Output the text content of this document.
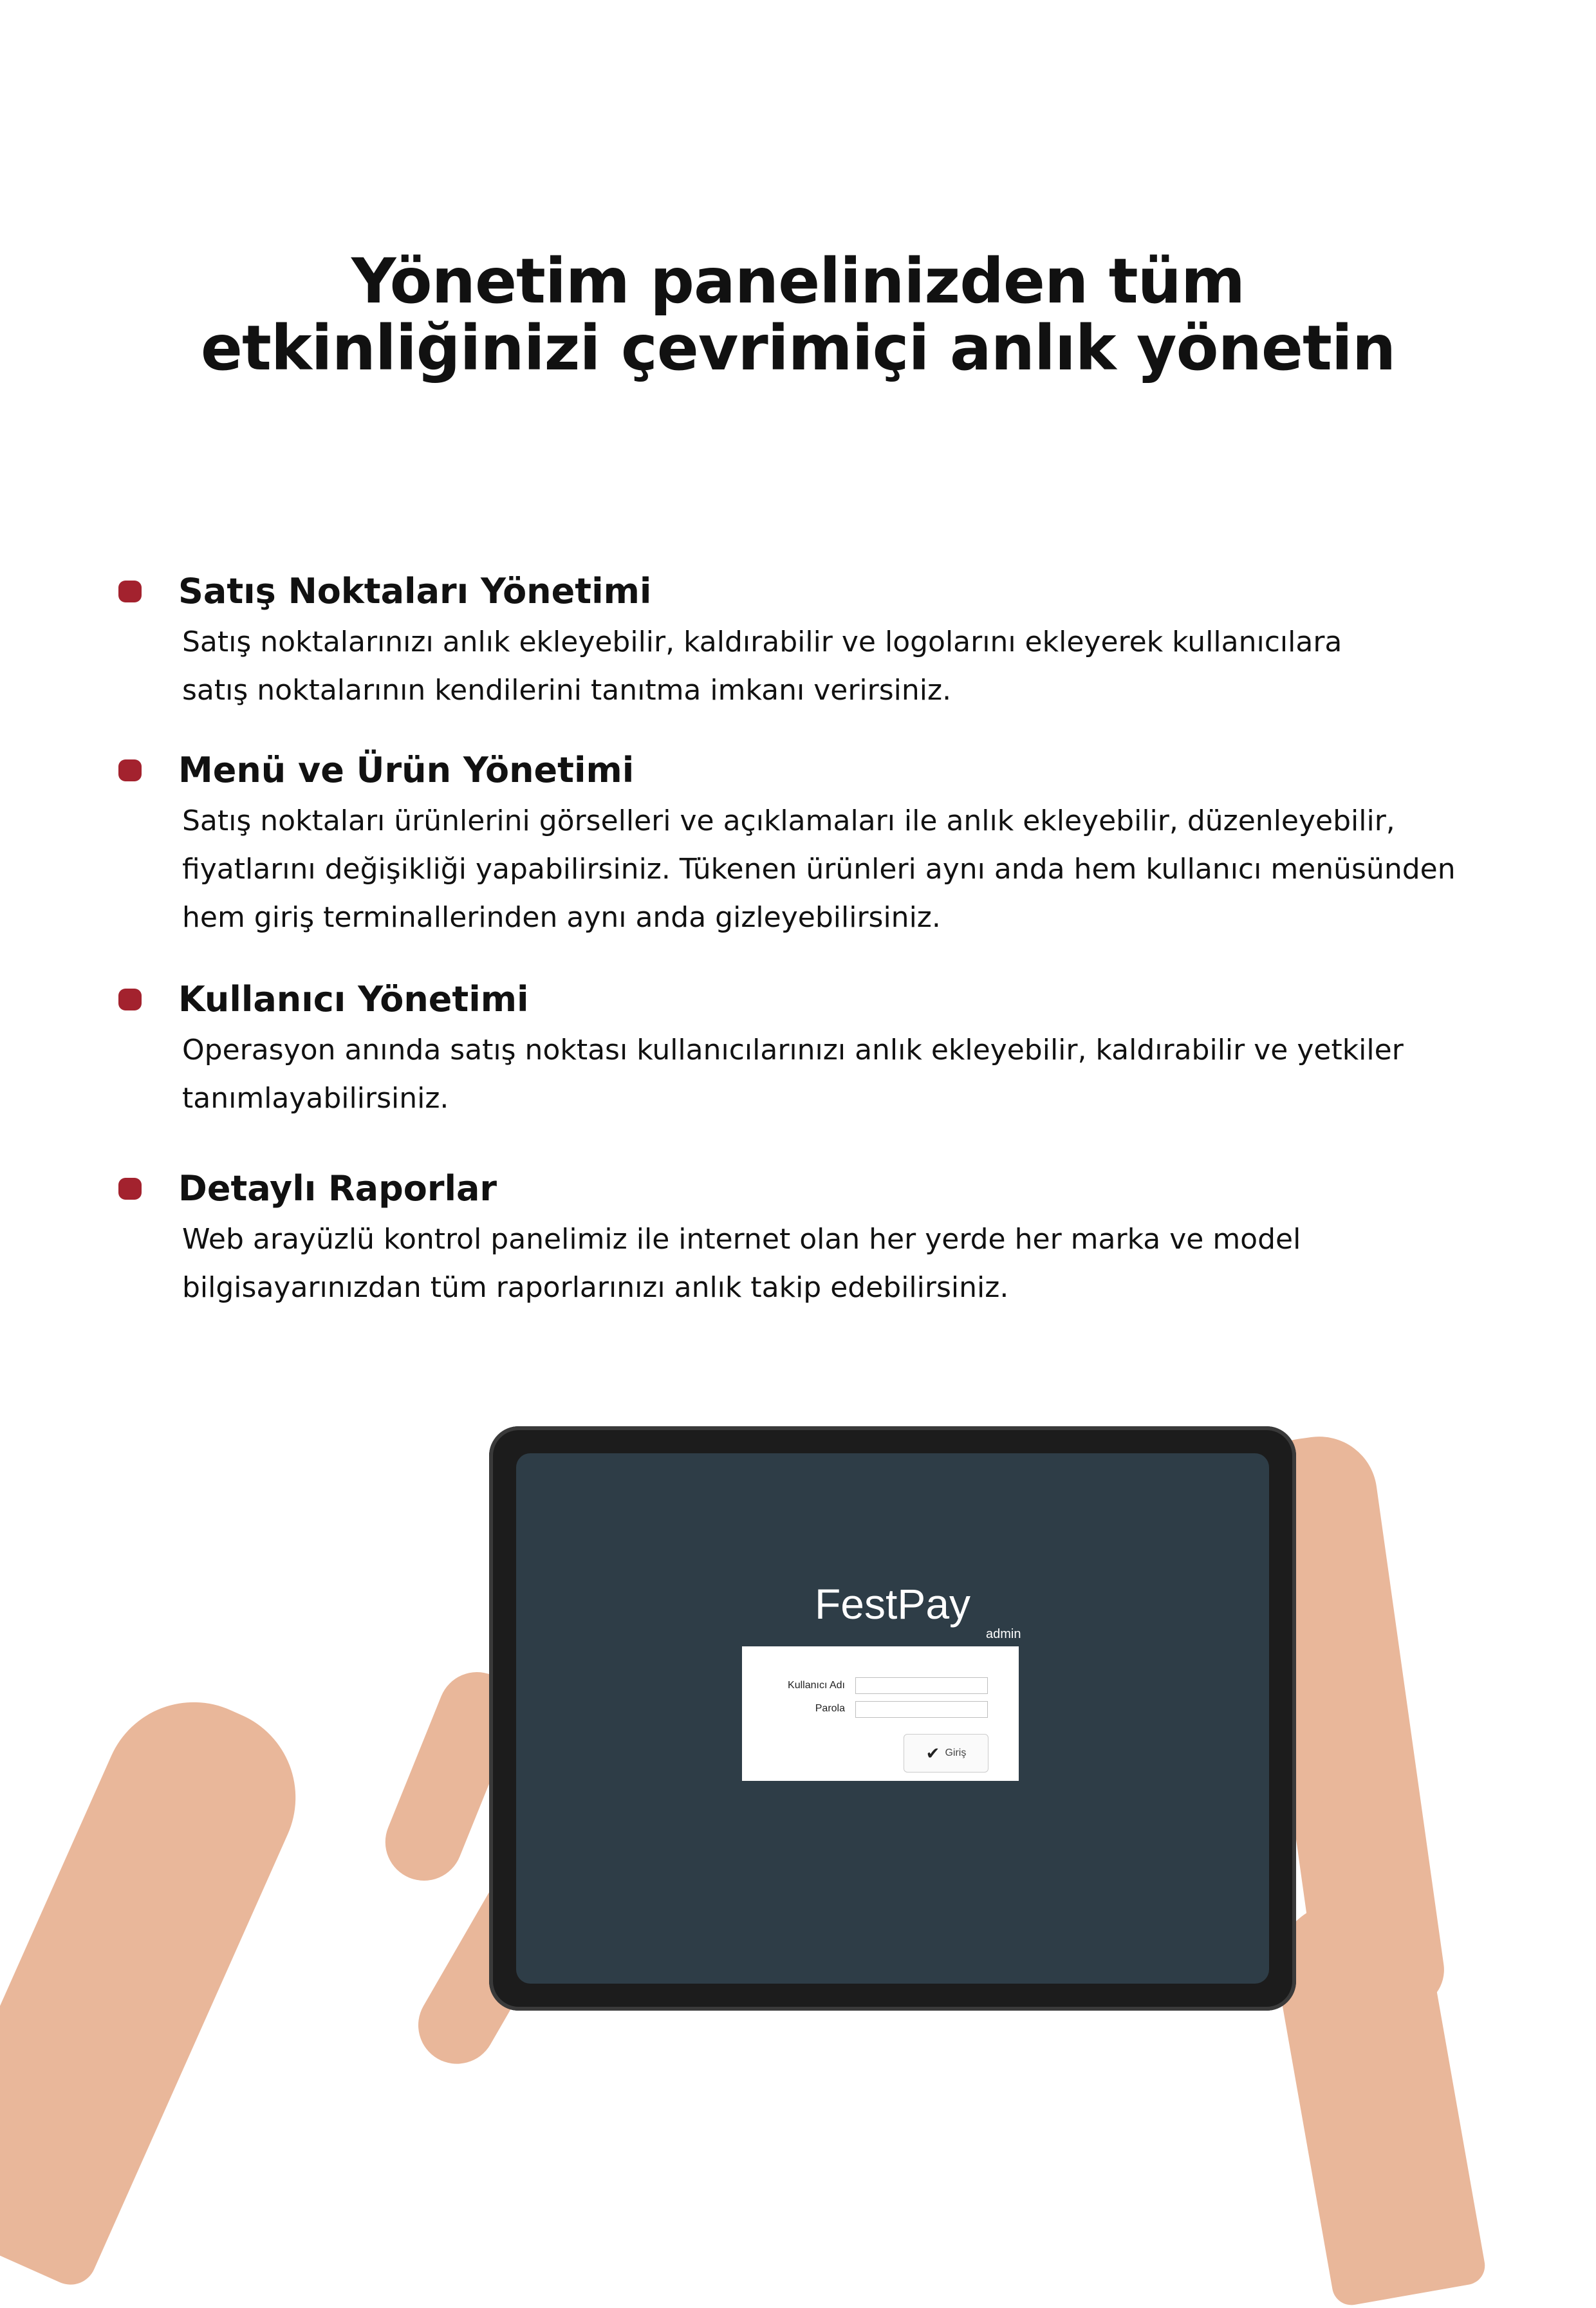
Yönetim panelinizden tüm
etkinliğinizi çevrimiçi anlık yönetin
Satış Noktaları Yönetimi
Satış noktalarınızı anlık ekleyebilir, kaldırabilir ve logolarını ekleyerek kullanıcılara
satış noktalarının kendilerini tanıtma imkanı verirsiniz.
Menü ve Ürün Yönetimi
Satış noktaları ürünlerini görselleri ve açıklamaları ile anlık ekleyebilir, düzenleyebilir,
fiyatlarını değişikliği yapabilirsiniz. Tükenen ürünleri aynı anda hem kullanıcı menüsünden
hem giriş terminallerinden aynı anda gizleyebilirsiniz.
Kullanıcı Yönetimi
Operasyon anında satış noktası kullanıcılarınızı anlık ekleyebilir, kaldırabilir ve yetkiler
tanımlayabilirsiniz.
Detaylı Raporlar
Web arayüzlü kontrol panelimiz ile internet olan her yerde her marka ve model
bilgisayarınızdan tüm raporlarınızı anlık takip edebilirsiniz.
FestPay
admin
Kullanıcı Adı
Parola
✔ Giriş
